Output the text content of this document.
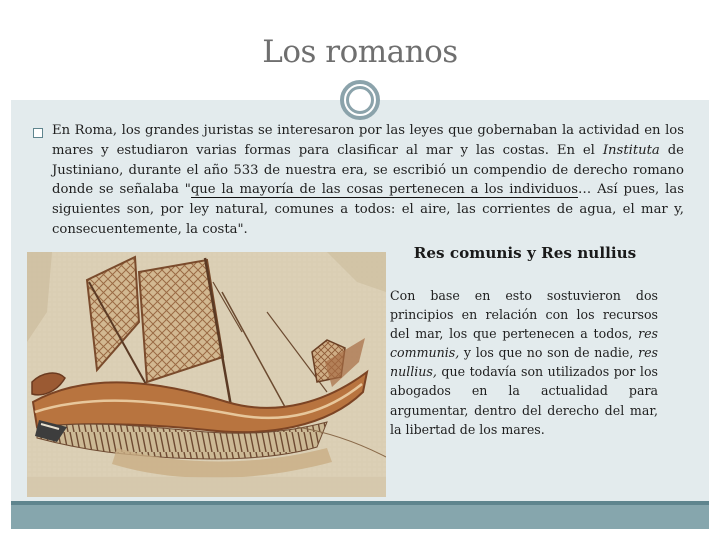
Los romanos
En Roma, los grandes juristas se interesaron por las leyes que gobernaban la actividad en los mares y estudiaron varias formas para clasificar al mar y las costas. En el Instituta de Justiniano, durante el año 533 de nuestra era, se escribió un compendio de derecho romano donde se señalaba "que la mayoría de las cosas pertenecen a los individuos… Así pues, las siguientes son, por ley natural, comunes a todos: el aire, las corrientes de agua, el mar y, consecuentemente, la costa".
Res comunis y Res nullius
Con base en esto sostuvieron dos principios en relación con los recursos del mar, los que pertenecen a todos, res communis, y los que no son de nadie, res nullius, que todavía son utilizados por los abogados en la actualidad para argumentar, dentro del derecho del mar, la libertad de los mares.
